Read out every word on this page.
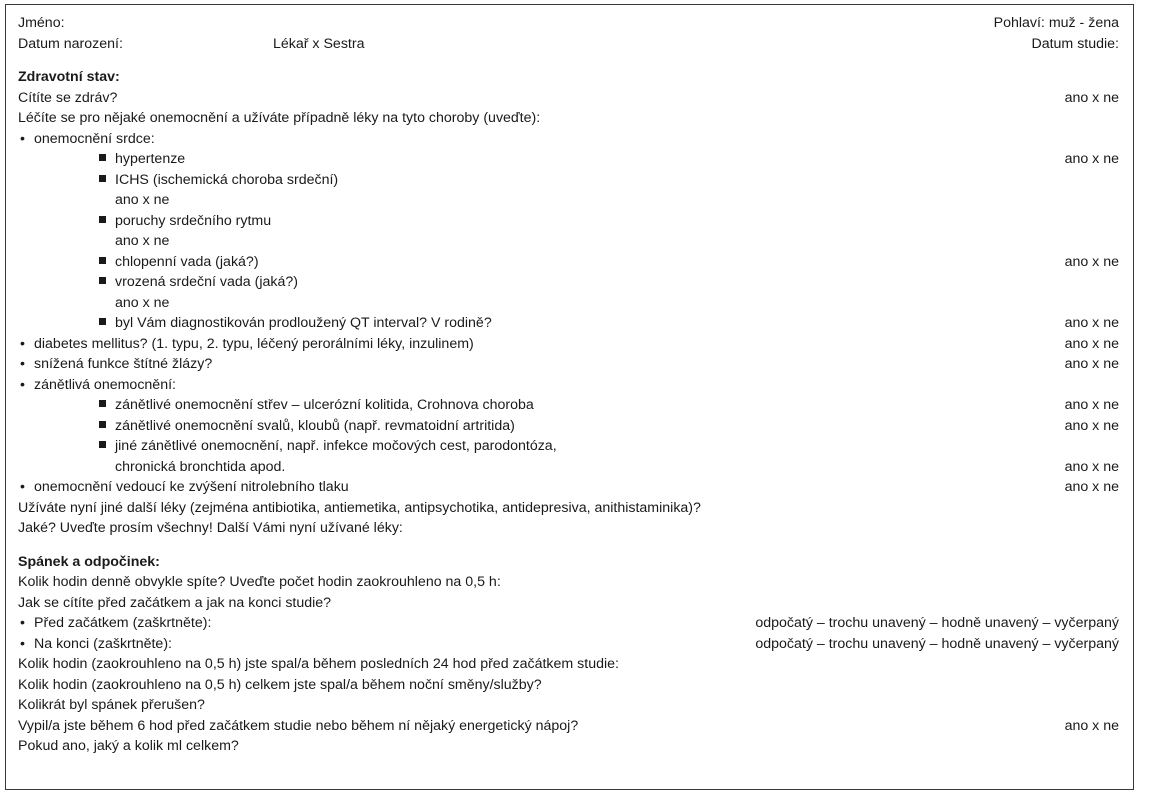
Jméno:	Pohlaví: muž - žena
Datum narození:	Lékař x Sestra	Datum studie:
Zdravotní stav:
Cítíte se zdráv?	ano x ne
Léčíte se pro nějaké onemocnění a užíváte případně léky na tyto choroby (uveďte):
• onemocnění srdce:
hypertenze	ano x ne
ICHS (ischemická choroba srdeční)
ano x ne
poruchy srdečního rytmu
ano x ne
chlopenní vada (jaká?)	ano x ne
vrozená srdeční vada (jaká?)
ano x ne
byl Vám diagnostikován prodloužený QT interval? V rodině?	ano x ne
• diabetes mellitus? (1. typu, 2. typu, léčený perorálními léky, inzulinem)	ano x ne
• snížená funkce štítné žlázy?	ano x ne
• zánětlivá onemocnění:
zánětlivé onemocnění střev – ulcerózní kolitida, Crohnova choroba	ano x ne
zánětlivé onemocnění svalů, kloubů (např. revmatoidní artritida)	ano x ne
jiné zánětlivé onemocnění, např. infekce močových cest, parodontóza,
chronická bronchtida apod.	ano x ne
• onemocnění vedoucí ke zvýšení nitrolebního tlaku	ano x ne
Užíváte nyní jiné další léky (zejména antibiotika, antiemetika, antipsychotika, antidepresiva, anithistaminika)?
Jaké? Uveďte prosím všechny! Další Vámi nyní užívané léky:
Spánek a odpočinek:
Kolik hodin denně obvykle spíte? Uveďte počet hodin zaokrouhleno na 0,5 h:
Jak se cítíte před začátkem a jak na konci studie?
• Před začátkem (zaškrtněte):	odpočatý – trochu unavený – hodně unavený – vyčerpaný
• Na konci (zaškrtněte):	odpočatý – trochu unavený – hodně unavený – vyčerpaný
Kolik hodin (zaokrouhleno na 0,5 h) jste spal/a během posledních 24 hod před začátkem studie:
Kolik hodin (zaokrouhleno na 0,5 h) celkem jste spal/a během noční směny/služby?
Kolikrát byl spánek přerušen?
Vypil/a jste během 6 hod před začátkem studie nebo během ní nějaký energetický nápoj?	ano x ne
Pokud ano, jaký a kolik ml celkem?
